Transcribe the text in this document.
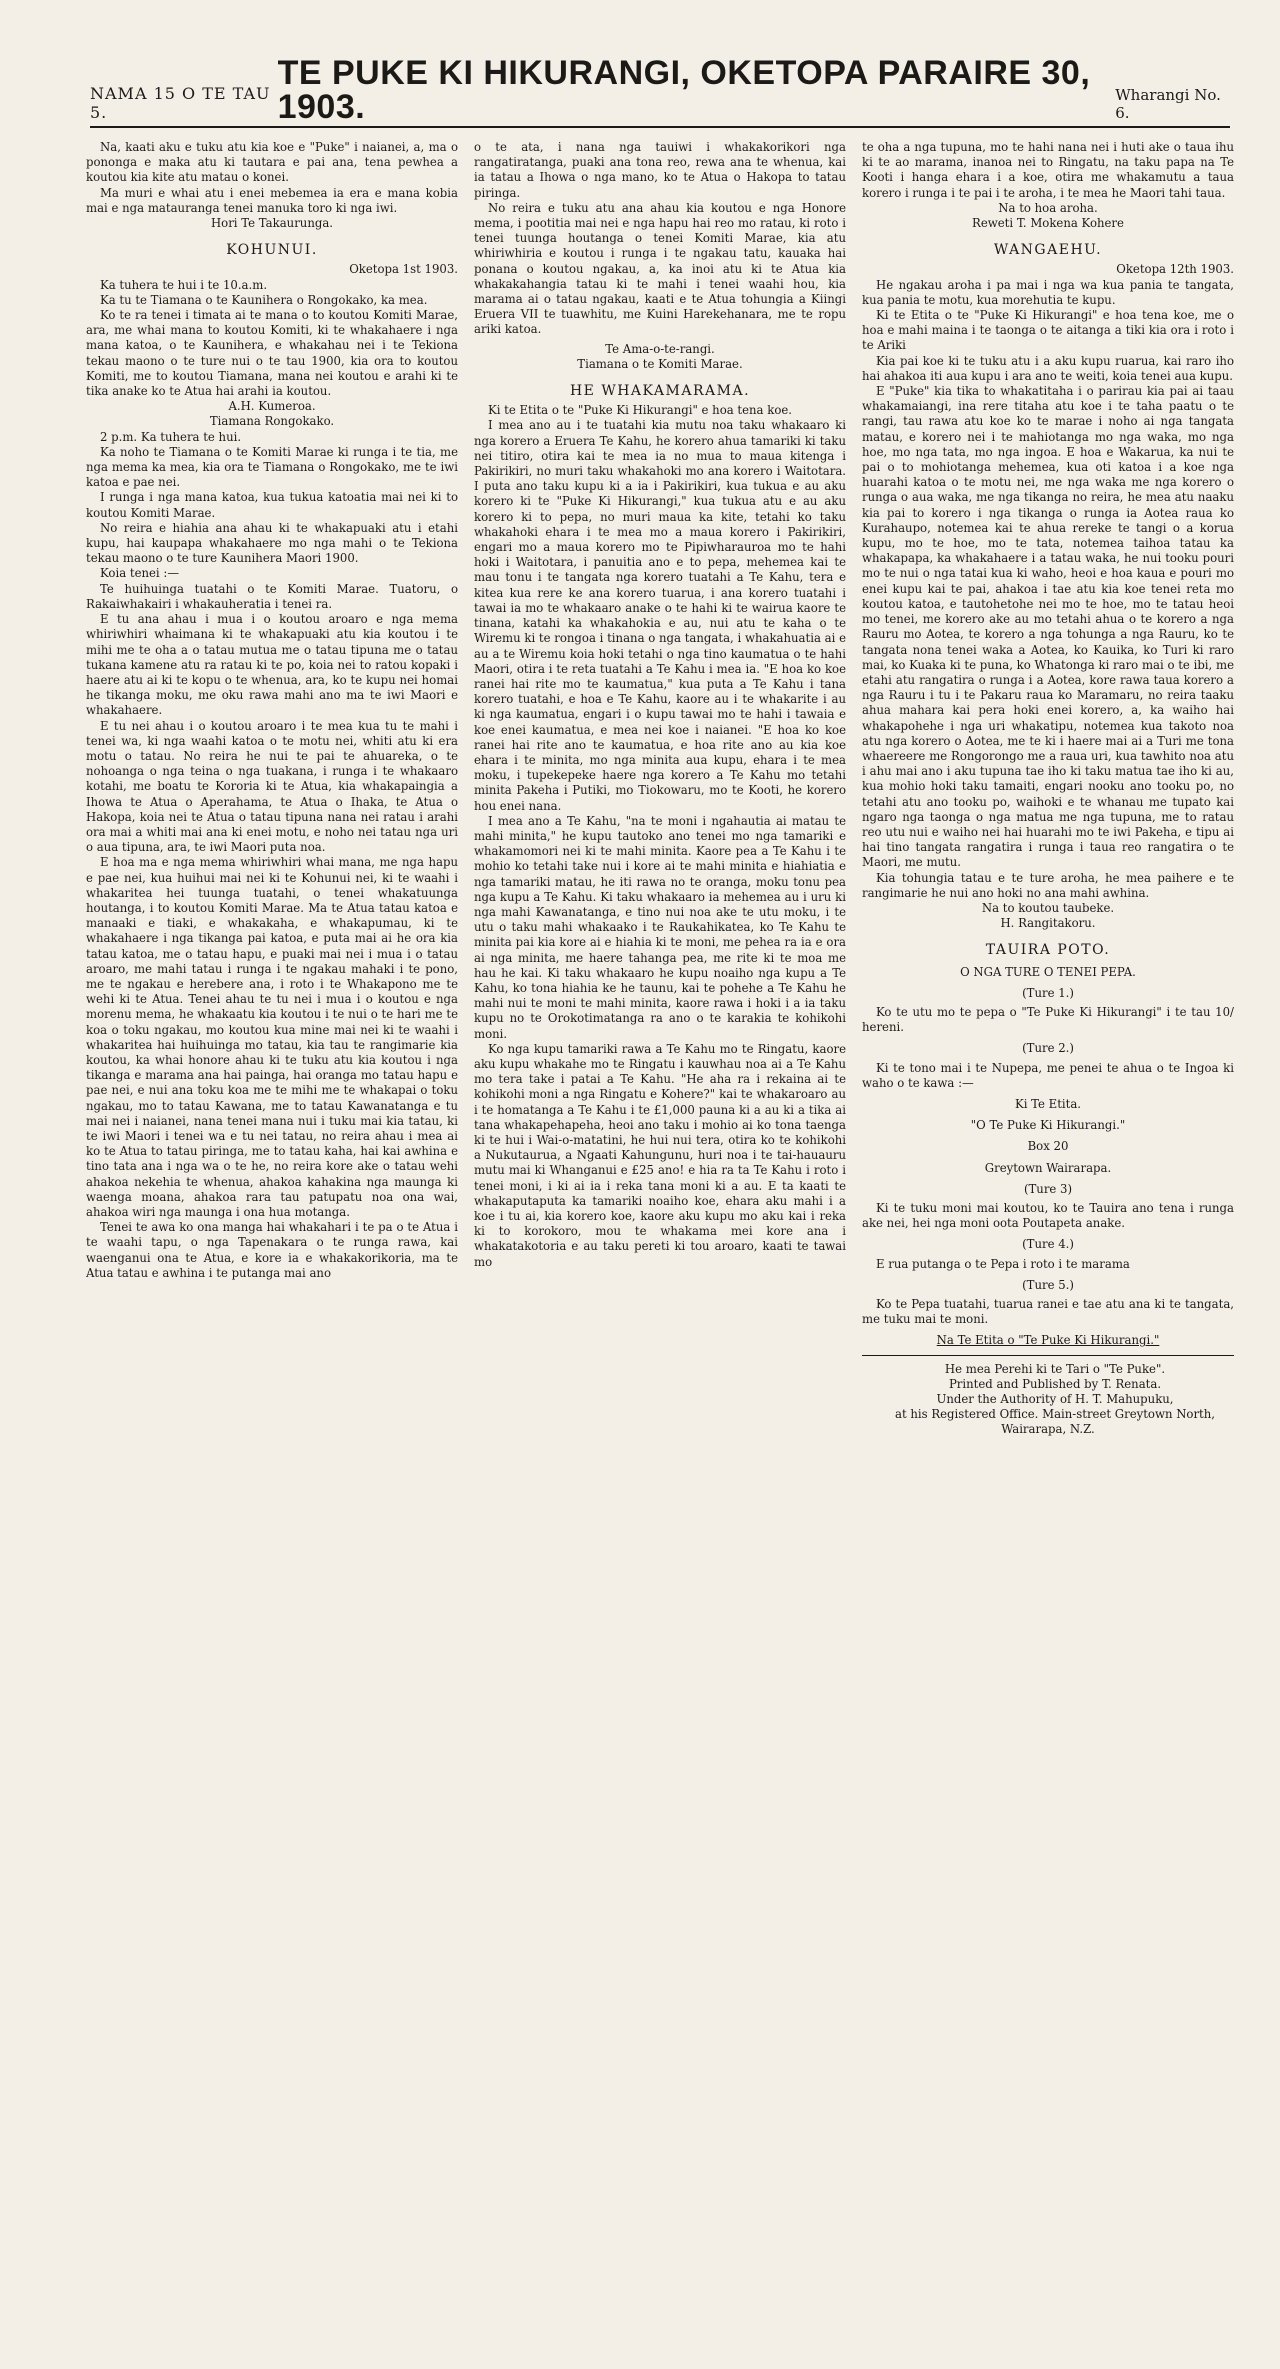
NAMA 15 O TE TAU 5.
TE PUKE KI HIKURANGI, OKETOPA PARAIRE 30, 1903.	Wharangi No. 6.

Na, kaati aku e tuku atu kia koe e "Puke" i naianei, a, ma o pononga e maka atu ki tautara e pai ana, tena pewhea a koutou kia kite atu matau o konei.

Ma muri e whai atu i enei mebemea ia era e mana kobia mai e nga matauranga tenei manuka toro ki nga iwi.

Hori Te Takaurunga.

KOHUNUI.

Oketopa 1st 1903.

Ka tuhera te hui i te 10.a.m.

Ka tu te Tiamana o te Kaunihera o Rongokako, ka mea.

Ko te ra tenei i timata ai te mana o to koutou Komiti Marae, ara, me whai mana to koutou Komiti, ki te whakahaere i nga mana katoa, o te Kaunihera, e whakahau nei i te Tekiona tekau maono o te ture nui o te tau 1900, kia ora to koutou Komiti, me to koutou Tiamana, mana nei koutou e arahi ki te tika anake ko te Atua hai arahi ia koutou.

A.H. Kumeroa.

Tiamana Rongokako.

2 p.m. Ka tuhera te hui.

Ka noho te Tiamana o te Komiti Marae ki runga i te tia, me nga mema ka mea, kia ora te Tiamana o Rongokako, me te iwi katoa e pae nei.

I runga i nga mana katoa, kua tukua katoatia mai nei ki to koutou Komiti Marae.

No reira e hiahia ana ahau ki te whakapuaki atu i etahi kupu, hai kaupapa whakahaere mo nga mahi o te Tekiona tekau maono o te ture Kaunihera Maori 1900.

Koia tenei :—

Te huihuinga tuatahi o te Komiti Marae. Tuatoru, o Rakaiwhakairi i whakauheratia i tenei ra.

E tu ana ahau i mua i o koutou aroaro e nga mema whiriwhiri whaimana ki te whakapuaki atu kia koutou i te mihi me te oha a o tatau mutua me o tatau tipuna me o tatau tukana kamene atu ra ratau ki te po, koia nei to ratou kopaki i haere atu ai ki te kopu o te whenua, ara, ko te kupu nei homai he tikanga moku, me oku rawa mahi ano ma te iwi Maori e whakahaere.

E tu nei ahau i o koutou aroaro i te mea kua tu te mahi i tenei wa, ki nga waahi katoa o te motu nei, whiti atu ki era motu o tatau. No reira he nui te pai te ahuareka, o te nohoanga o nga teina o nga tuakana, i runga i te whakaaro kotahi, me boatu te Kororia ki te Atua, kia whakapaingia a Ihowa te Atua o Aperahama, te Atua o Ihaka, te Atua o Hakopa, koia nei te Atua o tatau tipuna nana nei ratau i arahi ora mai a whiti mai ana ki enei motu, e noho nei tatau nga uri o aua tipuna, ara, te iwi Maori puta noa.

E hoa ma e nga mema whiriwhiri whai mana, me nga hapu e pae nei, kua huihui mai nei ki te Kohunui nei, ki te waahi i whakaritea hei tuunga tuatahi, o tenei whakatuunga houtanga, i to koutou Komiti Marae. Ma te Atua tatau katoa e manaaki e tiaki, e whakakaha, e whakapumau, ki te whakahaere i nga tikanga pai katoa, e puta mai ai he ora kia tatau katoa, me o tatau hapu, e puaki mai nei i mua i o tatau aroaro, me mahi tatau i runga i te ngakau mahaki i te pono, me te ngakau e herebere ana, i roto i te Whakapono me te wehi ki te Atua. Tenei ahau te tu nei i mua i o koutou e nga morenu mema, he whakaatu kia koutou i te nui o te hari me te koa o toku ngakau, mo koutou kua mine mai nei ki te waahi i whakaritea hai huihuinga mo tatau, kia tau te rangimarie kia koutou, ka whai honore ahau ki te tuku atu kia koutou i nga tikanga e marama ana hai painga, hai oranga mo tatau hapu e pae nei, e nui ana toku koa me te mihi me te whakapai o toku ngakau, mo to tatau Kawana, me to tatau Kawanatanga e tu mai nei i naianei, nana tenei mana nui i tuku mai kia tatau, ki te iwi Maori i tenei wa e tu nei tatau, no reira ahau i mea ai ko te Atua to tatau piringa, me to tatau kaha, hai kai awhina e tino tata ana i nga wa o te he, no reira kore ake o tatau wehi ahakoa nekehia te whenua, ahakoa kahakina nga maunga ki waenga moana, ahakoa rara tau patupatu noa ona wai, ahakoa wiri nga maunga i ona hua motanga.

Tenei te awa ko ona manga hai whakahari i te pa o te Atua i te waahi tapu, o nga Tapenakara o te runga rawa, kai waenganui ona te Atua, e kore ia e whakakorikoria, ma te Atua tatau e awhina i te putanga mai ano

o te ata, i nana nga tauiwi i whakakorikori nga rangatiratanga, puaki ana tona reo, rewa ana te whenua, kai ia tatau a Ihowa o nga mano, ko te Atua o Hakopa to tatau piringa.

No reira e tuku atu ana ahau kia koutou e nga Honore mema, i pootitia mai nei e nga hapu hai reo mo ratau, ki roto i tenei tuunga houtanga o tenei Komiti Marae, kia atu whiriwhiria e koutou i runga i te ngakau tatu, kauaka hai ponana o koutou ngakau, a, ka inoi atu ki te Atua kia whakakahangia tatau ki te mahi i tenei waahi hou, kia marama ai o tatau ngakau, kaati e te Atua tohungia a Kiingi Eruera VII te tuawhitu, me Kuini Harekehanara, me te ropu ariki katoa.

Te Ama-o-te-rangi.

Tiamana o te Komiti Marae.

HE WHAKAMARAMA.

Ki te Etita o te "Puke Ki Hikurangi" e hoa tena koe.

I mea ano au i te tuatahi kia mutu noa taku whakaaro ki nga korero a Eruera Te Kahu, he korero ahua tamariki ki taku nei titiro, otira kai te mea ia no mua to maua kitenga i Pakirikiri, no muri taku whakahoki mo ana korero i Waitotara. I puta ano taku kupu ki a ia i Pakirikiri, kua tukua e au aku korero ki te "Puke Ki Hikurangi," kua tukua atu e au aku korero ki to pepa, no muri maua ka kite, tetahi ko taku whakahoki ehara i te mea mo a maua korero i Pakirikiri, engari mo a maua korero mo te Pipiwharauroa mo te hahi hoki i Waitotara, i panuitia ano e to pepa, mehemea kai te mau tonu i te tangata nga korero tuatahi a Te Kahu, tera e kitea kua rere ke ana korero tuarua, i ana korero tuatahi i tawai ia mo te whakaaro anake o te hahi ki te wairua kaore te tinana, katahi ka whakahokia e au, nui atu te kaha o te Wiremu ki te rongoa i tinana o nga tangata, i whakahuatia ai e au a te Wiremu koia hoki tetahi o nga tino kaumatua o te hahi Maori, otira i te reta tuatahi a Te Kahu i mea ia. "E hoa ko koe ranei hai rite mo te kaumatua," kua puta a Te Kahu i tana korero tuatahi, e hoa e Te Kahu, kaore au i te whakarite i au ki nga kaumatua, engari i o kupu tawai mo te hahi i tawaia e koe enei kaumatua, e mea nei koe i naianei. "E hoa ko koe ranei hai rite ano te kaumatua, e hoa rite ano au kia koe ehara i te minita, mo nga minita aua kupu, ehara i te mea moku, i tupekepeke haere nga korero a Te Kahu mo tetahi minita Pakeha i Putiki, mo Tiokowaru, mo te Kooti, he korero hou enei nana.

I mea ano a Te Kahu, "na te moni i ngahautia ai matau te mahi minita," he kupu tautoko ano tenei mo nga tamariki e whakamomori nei ki te mahi minita. Kaore pea a Te Kahu i te mohio ko tetahi take nui i kore ai te mahi minita e hiahiatia e nga tamariki matau, he iti rawa no te oranga, moku tonu pea nga kupu a Te Kahu. Ki taku whakaaro ia mehemea au i uru ki nga mahi Kawanatanga, e tino nui noa ake te utu moku, i te utu o taku mahi whakaako i te Raukahikatea, ko Te Kahu te minita pai kia kore ai e hiahia ki te moni, me pehea ra ia e ora ai nga minita, me haere tahanga pea, me rite ki te moa me hau he kai. Ki taku whakaaro he kupu noaiho nga kupu a Te Kahu, ko tona hiahia ke he taunu, kai te pohehe a Te Kahu he mahi nui te moni te mahi minita, kaore rawa i hoki i a ia taku kupu no te Orokotimatanga ra ano o te karakia te kohikohi moni.

Ko nga kupu tamariki rawa a Te Kahu mo te Ringatu, kaore aku kupu whakahe mo te Ringatu i kauwhau noa ai a Te Kahu mo tera take i patai a Te Kahu. "He aha ra i rekaina ai te kohikohi moni a nga Ringatu e Kohere?" kai te whakaroaro au i te homatanga a Te Kahu i te £1,000 pauna ki a au ki a tika ai tana whakapehapeha, heoi ano taku i mohio ai ko tona taenga ki te hui i Wai-o-matatini, he hui nui tera, otira ko te kohikohi a Nukutaurua, a Ngaati Kahungunu, huri noa i te tai-hauauru mutu mai ki Whanganui e £25 ano! e hia ra ta Te Kahu i roto i tenei moni, i ki ai ia i reka tana moni ki a au. E ta kaati te whakaputaputa ka tamariki noaiho koe, ehara aku mahi i a koe i tu ai, kia korero koe, kaore aku kupu mo aku kai i reka ki to korokoro, mou te whakama mei kore ana i whakatakotoria e au taku pereti ki tou aroaro, kaati te tawai mo

te oha a nga tupuna, mo te hahi nana nei i huti ake o taua ihu ki te ao marama, inanoa nei to Ringatu, na taku papa na Te Kooti i hanga ehara i a koe, otira me whakamutu a taua korero i runga i te pai i te aroha, i te mea he Maori tahi taua.

Na to hoa aroha.

Reweti T. Mokena Kohere

WANGAEHU.

Oketopa 12th 1903.

He ngakau aroha i pa mai i nga wa kua pania te tangata, kua pania te motu, kua morehutia te kupu.

Ki te Etita o te "Puke Ki Hikurangi" e hoa tena koe, me o hoa e mahi maina i te taonga o te aitanga a tiki kia ora i roto i te Ariki

Kia pai koe ki te tuku atu i a aku kupu ruarua, kai raro iho hai ahakoa iti aua kupu i ara ano te weiti, koia tenei aua kupu.

E "Puke" kia tika to whakatitaha i o parirau kia pai ai taau whakamaiangi, ina rere titaha atu koe i te taha paatu o te rangi, tau rawa atu koe ko te marae i noho ai nga tangata matau, e korero nei i te mahiotanga mo nga waka, mo nga hoe, mo nga tata, mo nga ingoa. E hoa e Wakarua, ka nui te pai o to mohiotanga mehemea, kua oti katoa i a koe nga huarahi katoa o te motu nei, me nga waka me nga korero o runga o aua waka, me nga tikanga no reira, he mea atu naaku kia pai to korero i nga tikanga o runga ia Aotea raua ko Kurahaupo, notemea kai te ahua rereke te tangi o a korua kupu, mo te hoe, mo te tata, notemea taihoa tatau ka whakapapa, ka whakahaere i a tatau waka, he nui tooku pouri mo te nui o nga tatai kua ki waho, heoi e hoa kaua e pouri mo enei kupu kai te pai, ahakoa i tae atu kia koe tenei reta mo koutou katoa, e tautohetohe nei mo te hoe, mo te tatau heoi mo tenei, me korero ake au mo tetahi ahua o te korero a nga Rauru mo Aotea, te korero a nga tohunga a nga Rauru, ko te tangata nona tenei waka a Aotea, ko Kauika, ko Turi ki raro mai, ko Kuaka ki te puna, ko Whatonga ki raro mai o te ibi, me etahi atu rangatira o runga i a Aotea, kore rawa taua korero a nga Rauru i tu i te Pakaru raua ko Maramaru, no reira taaku ahua mahara kai pera hoki enei korero, a, ka waiho hai whakapohehe i nga uri whakatipu, notemea kua takoto noa atu nga korero o Aotea, me te ki i haere mai ai a Turi me tona whaereere me Rongorongo me a raua uri, kua tawhito noa atu i ahu mai ano i aku tupuna tae iho ki taku matua tae iho ki au, kua mohio hoki taku tamaiti, engari nooku ano tooku po, no tetahi atu ano tooku po, waihoki e te whanau me tupato kai ngaro nga taonga o nga matua me nga tupuna, me to ratau reo utu nui e waiho nei hai huarahi mo te iwi Pakeha, e tipu ai hai tino tangata rangatira i runga i taua reo rangatira o te Maori, me mutu.

Kia tohungia tatau e te ture aroha, he mea paihere e te rangimarie he nui ano hoki no ana mahi awhina.

Na to koutou taubeke.

H. Rangitakoru.

TAUIRA POTO.

O NGA TURE O TENEI PEPA.

(Ture 1.)

Ko te utu mo te pepa o "Te Puke Ki Hikurangi" i te tau 10/ hereni.

(Ture 2.)

Ki te tono mai i te Nupepa, me penei te ahua o te Ingoa ki waho o te kawa :—

Ki Te Etita.

"O Te Puke Ki Hikurangi."

Box 20

Greytown Wairarapa.

(Ture 3)

Ki te tuku moni mai koutou, ko te Tauira ano tena i runga ake nei, hei nga moni oota Poutapeta anake.

(Ture 4.)

E rua putanga o te Pepa i roto i te marama

(Ture 5.)

Ko te Pepa tuatahi, tuarua ranei e tae atu ana ki te tangata, me tuku mai te moni.

Na Te Etita o "Te Puke Ki Hikurangi."

He mea Perehi ki te Tari o "Te Puke".

Printed and Published by T. Renata.

Under the Authority of H. T. Mahupuku,

at his Registered Office. Main-street Greytown North, Wairarapa, N.Z.
